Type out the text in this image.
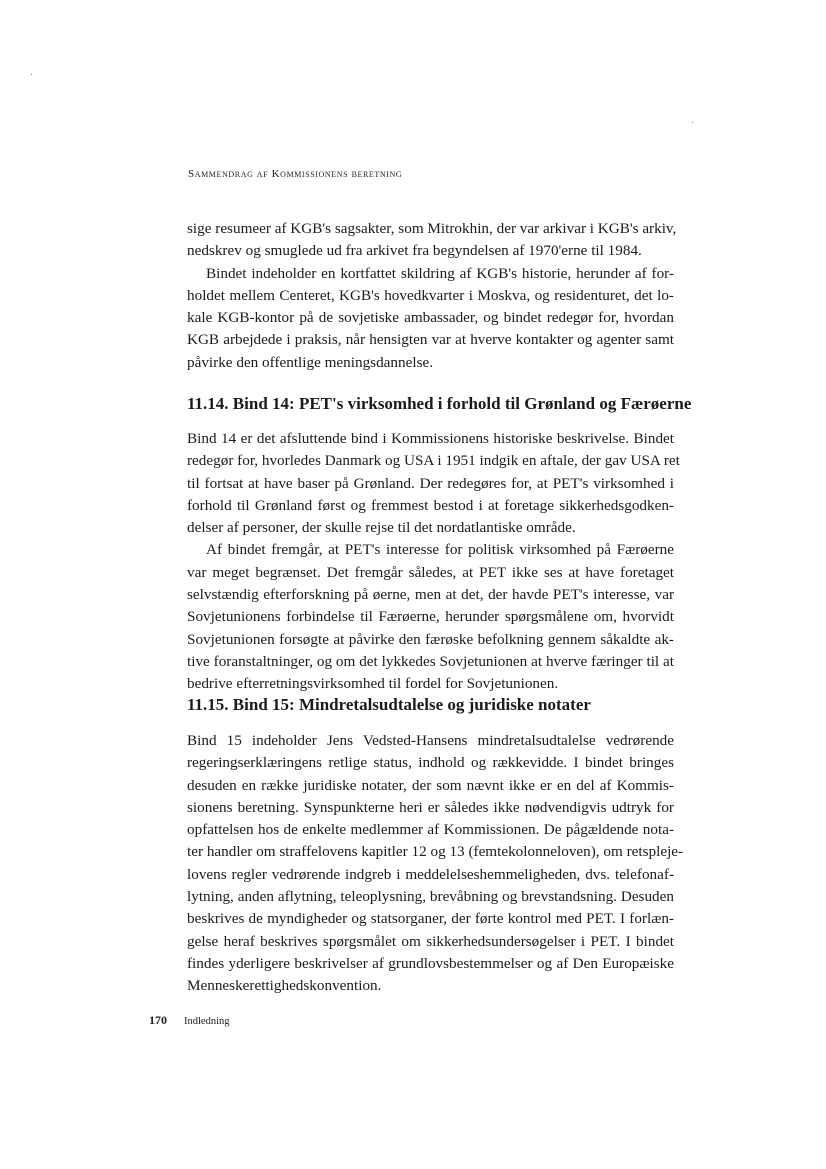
Sammendrag af Kommissionens beretning

sige resumeer af KGB's sagsakter, som Mitrokhin, der var arkivar i KGB's arkiv,
nedskrev og smuglede ud fra arkivet fra begyndelsen af 1970'erne til 1984.

Bindet indeholder en kortfattet skildring af KGB's historie, herunder af for-
holdet mellem Centeret, KGB's hovedkvarter i Moskva, og residenturet, det lo-
kale KGB-kontor på de sovjetiske ambassader, og bindet redegør for, hvordan
KGB arbejdede i praksis, når hensigten var at hverve kontakter og agenter samt
påvirke den offentlige meningsdannelse.

11.14. Bind 14: PET's virksomhed i forhold til Grønland og Færøerne

Bind 14 er det afsluttende bind i Kommissionens historiske beskrivelse. Bindet
redegør for, hvorledes Danmark og USA i 1951 indgik en aftale, der gav USA ret
til fortsat at have baser på Grønland. Der redegøres for, at PET's virksomhed i
forhold til Grønland først og fremmest bestod i at foretage sikkerhedsgodken-
delser af personer, der skulle rejse til det nordatlantiske område.

Af bindet fremgår, at PET's interesse for politisk virksomhed på Færøerne
var meget begrænset. Det fremgår således, at PET ikke ses at have foretaget
selvstændig efterforskning på øerne, men at det, der havde PET's interesse, var
Sovjetunionens forbindelse til Færøerne, herunder spørgsmålene om, hvorvidt
Sovjetunionen forsøgte at påvirke den færøske befolkning gennem såkaldte ak-
tive foranstaltninger, og om det lykkedes Sovjetunionen at hverve færinger til at
bedrive efterretningsvirksomhed til fordel for Sovjetunionen.

11.15. Bind 15: Mindretalsudtalelse og juridiske notater

Bind 15 indeholder Jens Vedsted-Hansens mindretalsudtalelse vedrørende
regeringserklæringens retlige status, indhold og rækkevidde. I bindet bringes
desuden en række juridiske notater, der som nævnt ikke er en del af Kommis-
sionens beretning. Synspunkterne heri er således ikke nødvendigvis udtryk for
opfattelsen hos de enkelte medlemmer af Kommissionen. De pågældende nota-
ter handler om straffelovens kapitler 12 og 13 (femtekolonneloven), om retspleje-
lovens regler vedrørende indgreb i meddelelseshemmeligheden, dvs. telefonaf-
lytning, anden aflytning, teleoplysning, brevåbning og brevstandsning. Desuden
beskrives de myndigheder og statsorganer, der førte kontrol med PET. I forlæn-
gelse heraf beskrives spørgsmålet om sikkerhedsundersøgelser i PET. I bindet
findes yderligere beskrivelser af grundlovsbestemmelser og af Den Europæiske
Menneskerettighedskonvention.

170 Indledning
